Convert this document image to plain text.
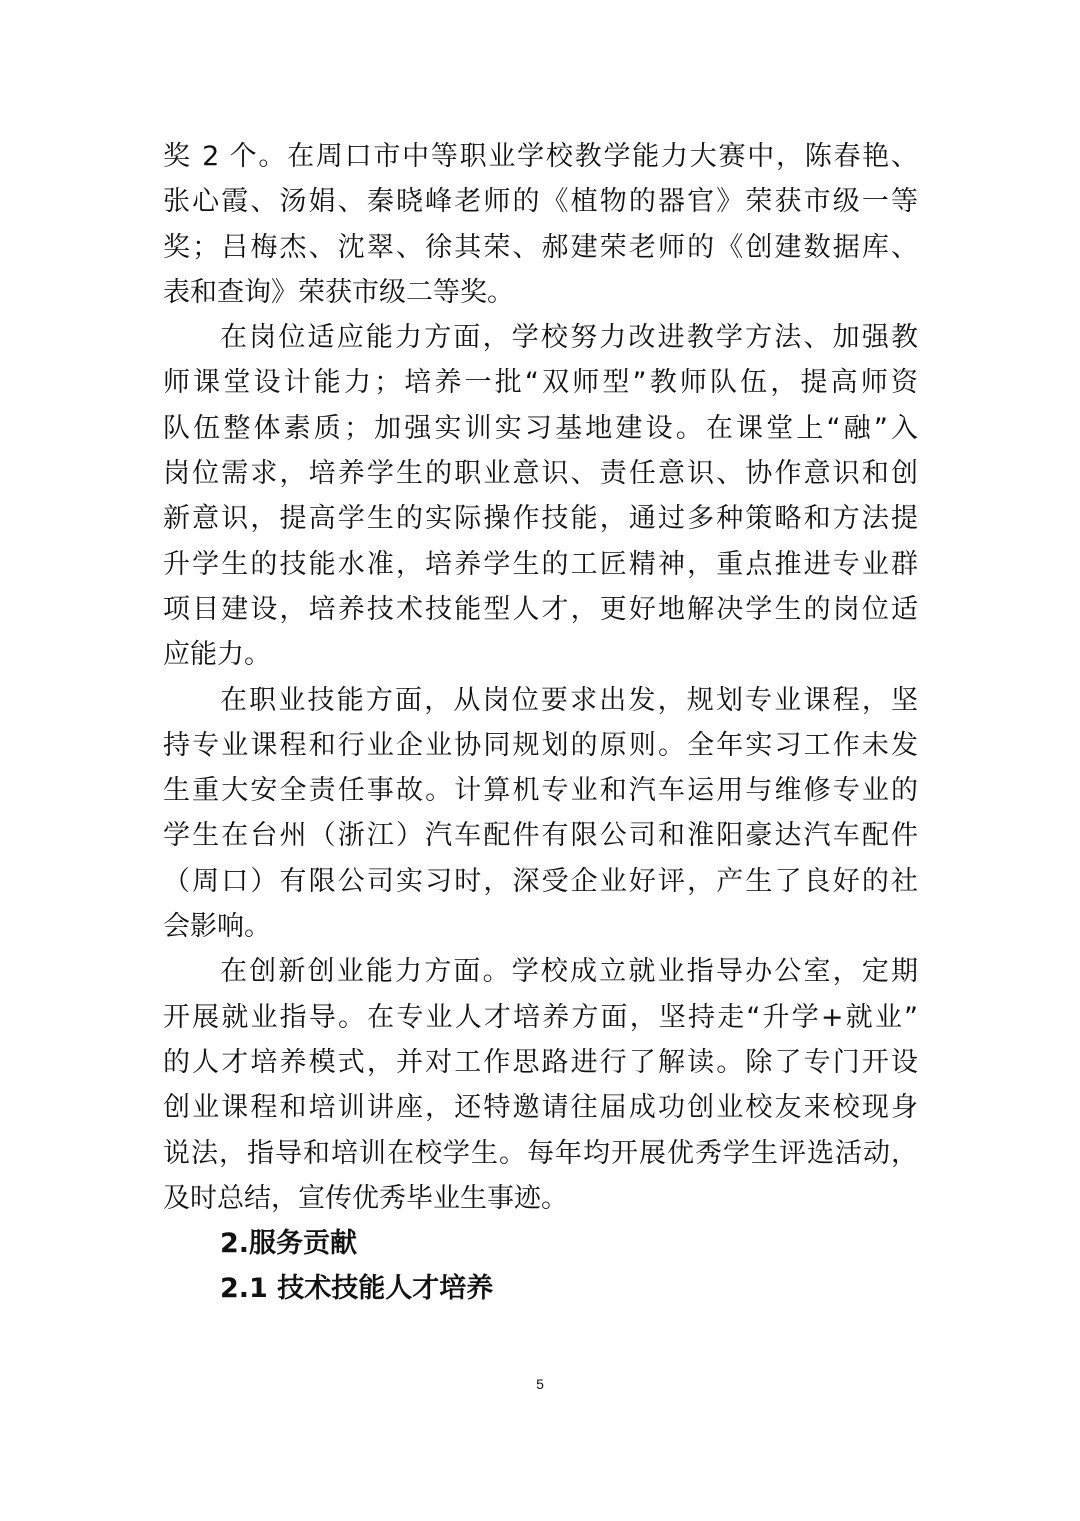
奖 2 个。在周口市中等职业学校教学能力大赛中，陈春艳、
张心霞、汤娟、秦晓峰老师的《植物的器官》荣获市级一等
奖；吕梅杰、沈翠、徐其荣、郝建荣老师的《创建数据库、
表和查询》荣获市级二等奖。
在岗位适应能力方面，学校努力改进教学方法、加强教
师课堂设计能力；培养一批“双师型”教师队伍，提高师资
队伍整体素质；加强实训实习基地建设。在课堂上“融”入
岗位需求，培养学生的职业意识、责任意识、协作意识和创
新意识，提高学生的实际操作技能，通过多种策略和方法提
升学生的技能水准，培养学生的工匠精神，重点推进专业群
项目建设，培养技术技能型人才，更好地解决学生的岗位适
应能力。
在职业技能方面，从岗位要求出发，规划专业课程，坚
持专业课程和行业企业协同规划的原则。全年实习工作未发
生重大安全责任事故。计算机专业和汽车运用与维修专业的
学生在台州（浙江）汽车配件有限公司和淮阳豪达汽车配件
（周口）有限公司实习时，深受企业好评，产生了良好的社
会影响。
在创新创业能力方面。学校成立就业指导办公室，定期
开展就业指导。在专业人才培养方面，坚持走“升学+就业”
的人才培养模式，并对工作思路进行了解读。除了专门开设
创业课程和培训讲座，还特邀请往届成功创业校友来校现身
说法，指导和培训在校学生。每年均开展优秀学生评选活动，
及时总结，宣传优秀毕业生事迹。
2.服务贡献
2.1 技术技能人才培养
5
